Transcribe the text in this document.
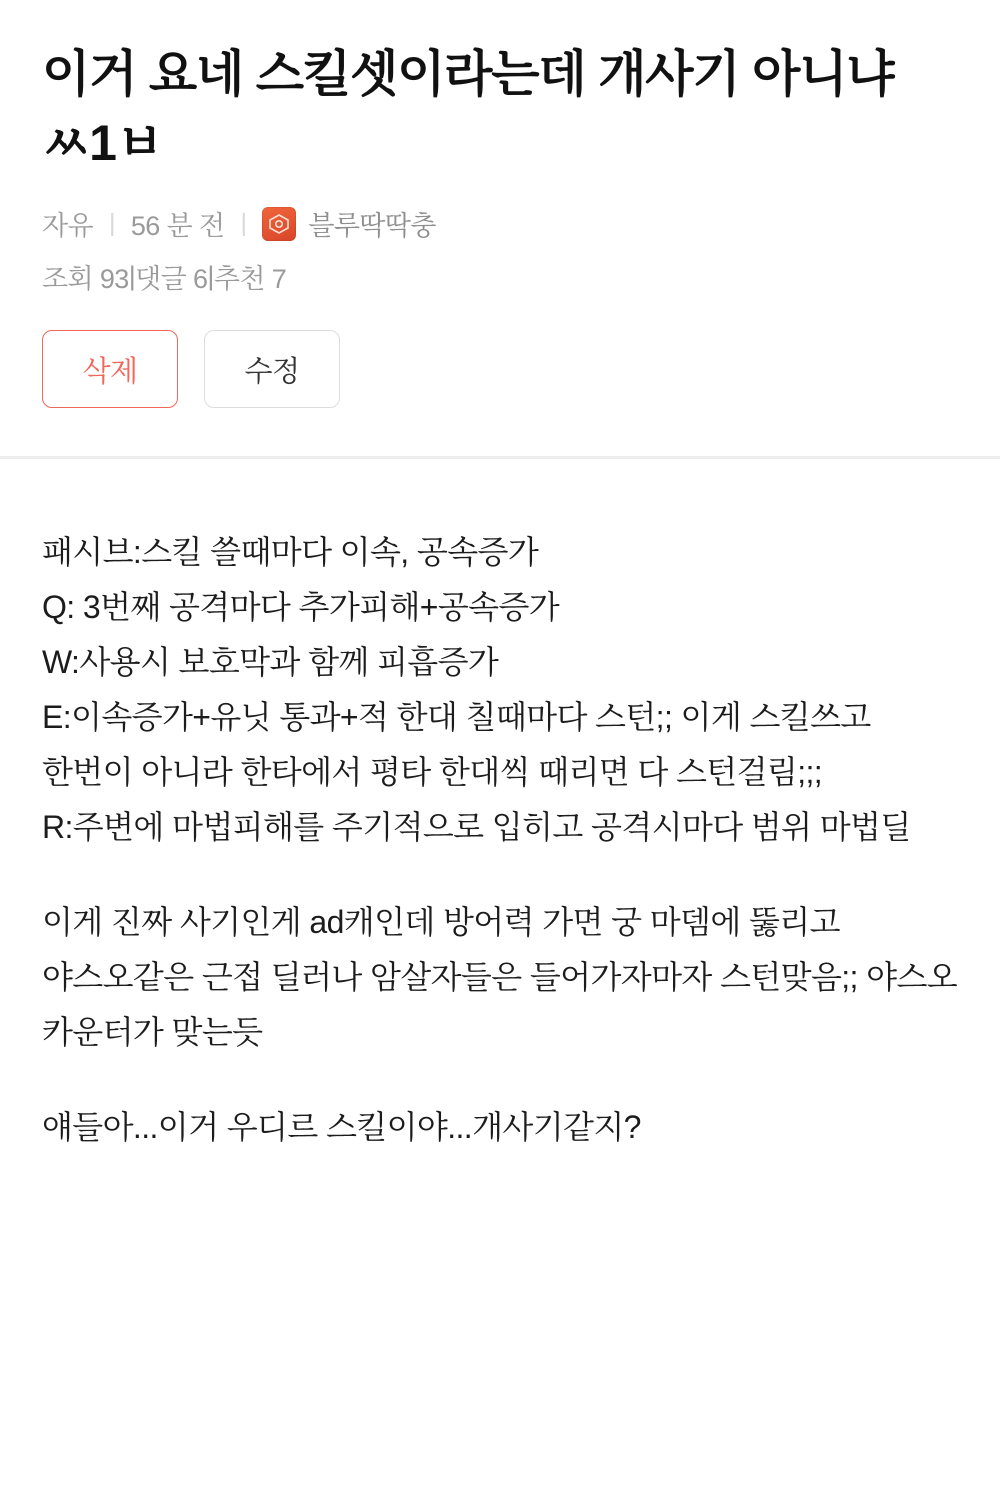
이거 요네 스킬셋이라는데 개사기 아니냐 ㅆ1ㅂ
자유 | 56 분 전 | 블루딱딱충
조회 93 | 댓글 6 | 추천 7
삭제	수정

패시브:스킬 쓸때마다 이속, 공속증가

Q: 3번째 공격마다 추가피해+공속증가

W:사용시 보호막과 함께 피흡증가

E:이속증가+유닛 통과+적 한대 칠때마다 스턴;; 이게 스킬쓰고 한번이 아니라 한타에서 평타 한대씩 때리면 다 스턴걸림;;;

R:주변에 마법피해를 주기적으로 입히고 공격시마다 범위 마법딜

이게 진짜 사기인게 ad캐인데 방어력 가면 궁 마뎀에 뚫리고 야스오같은 근접 딜러나 암살자들은 들어가자마자 스턴맞음;; 야스오 카운터가 맞는듯

얘들아...이거 우디르 스킬이야...개사기같지?
